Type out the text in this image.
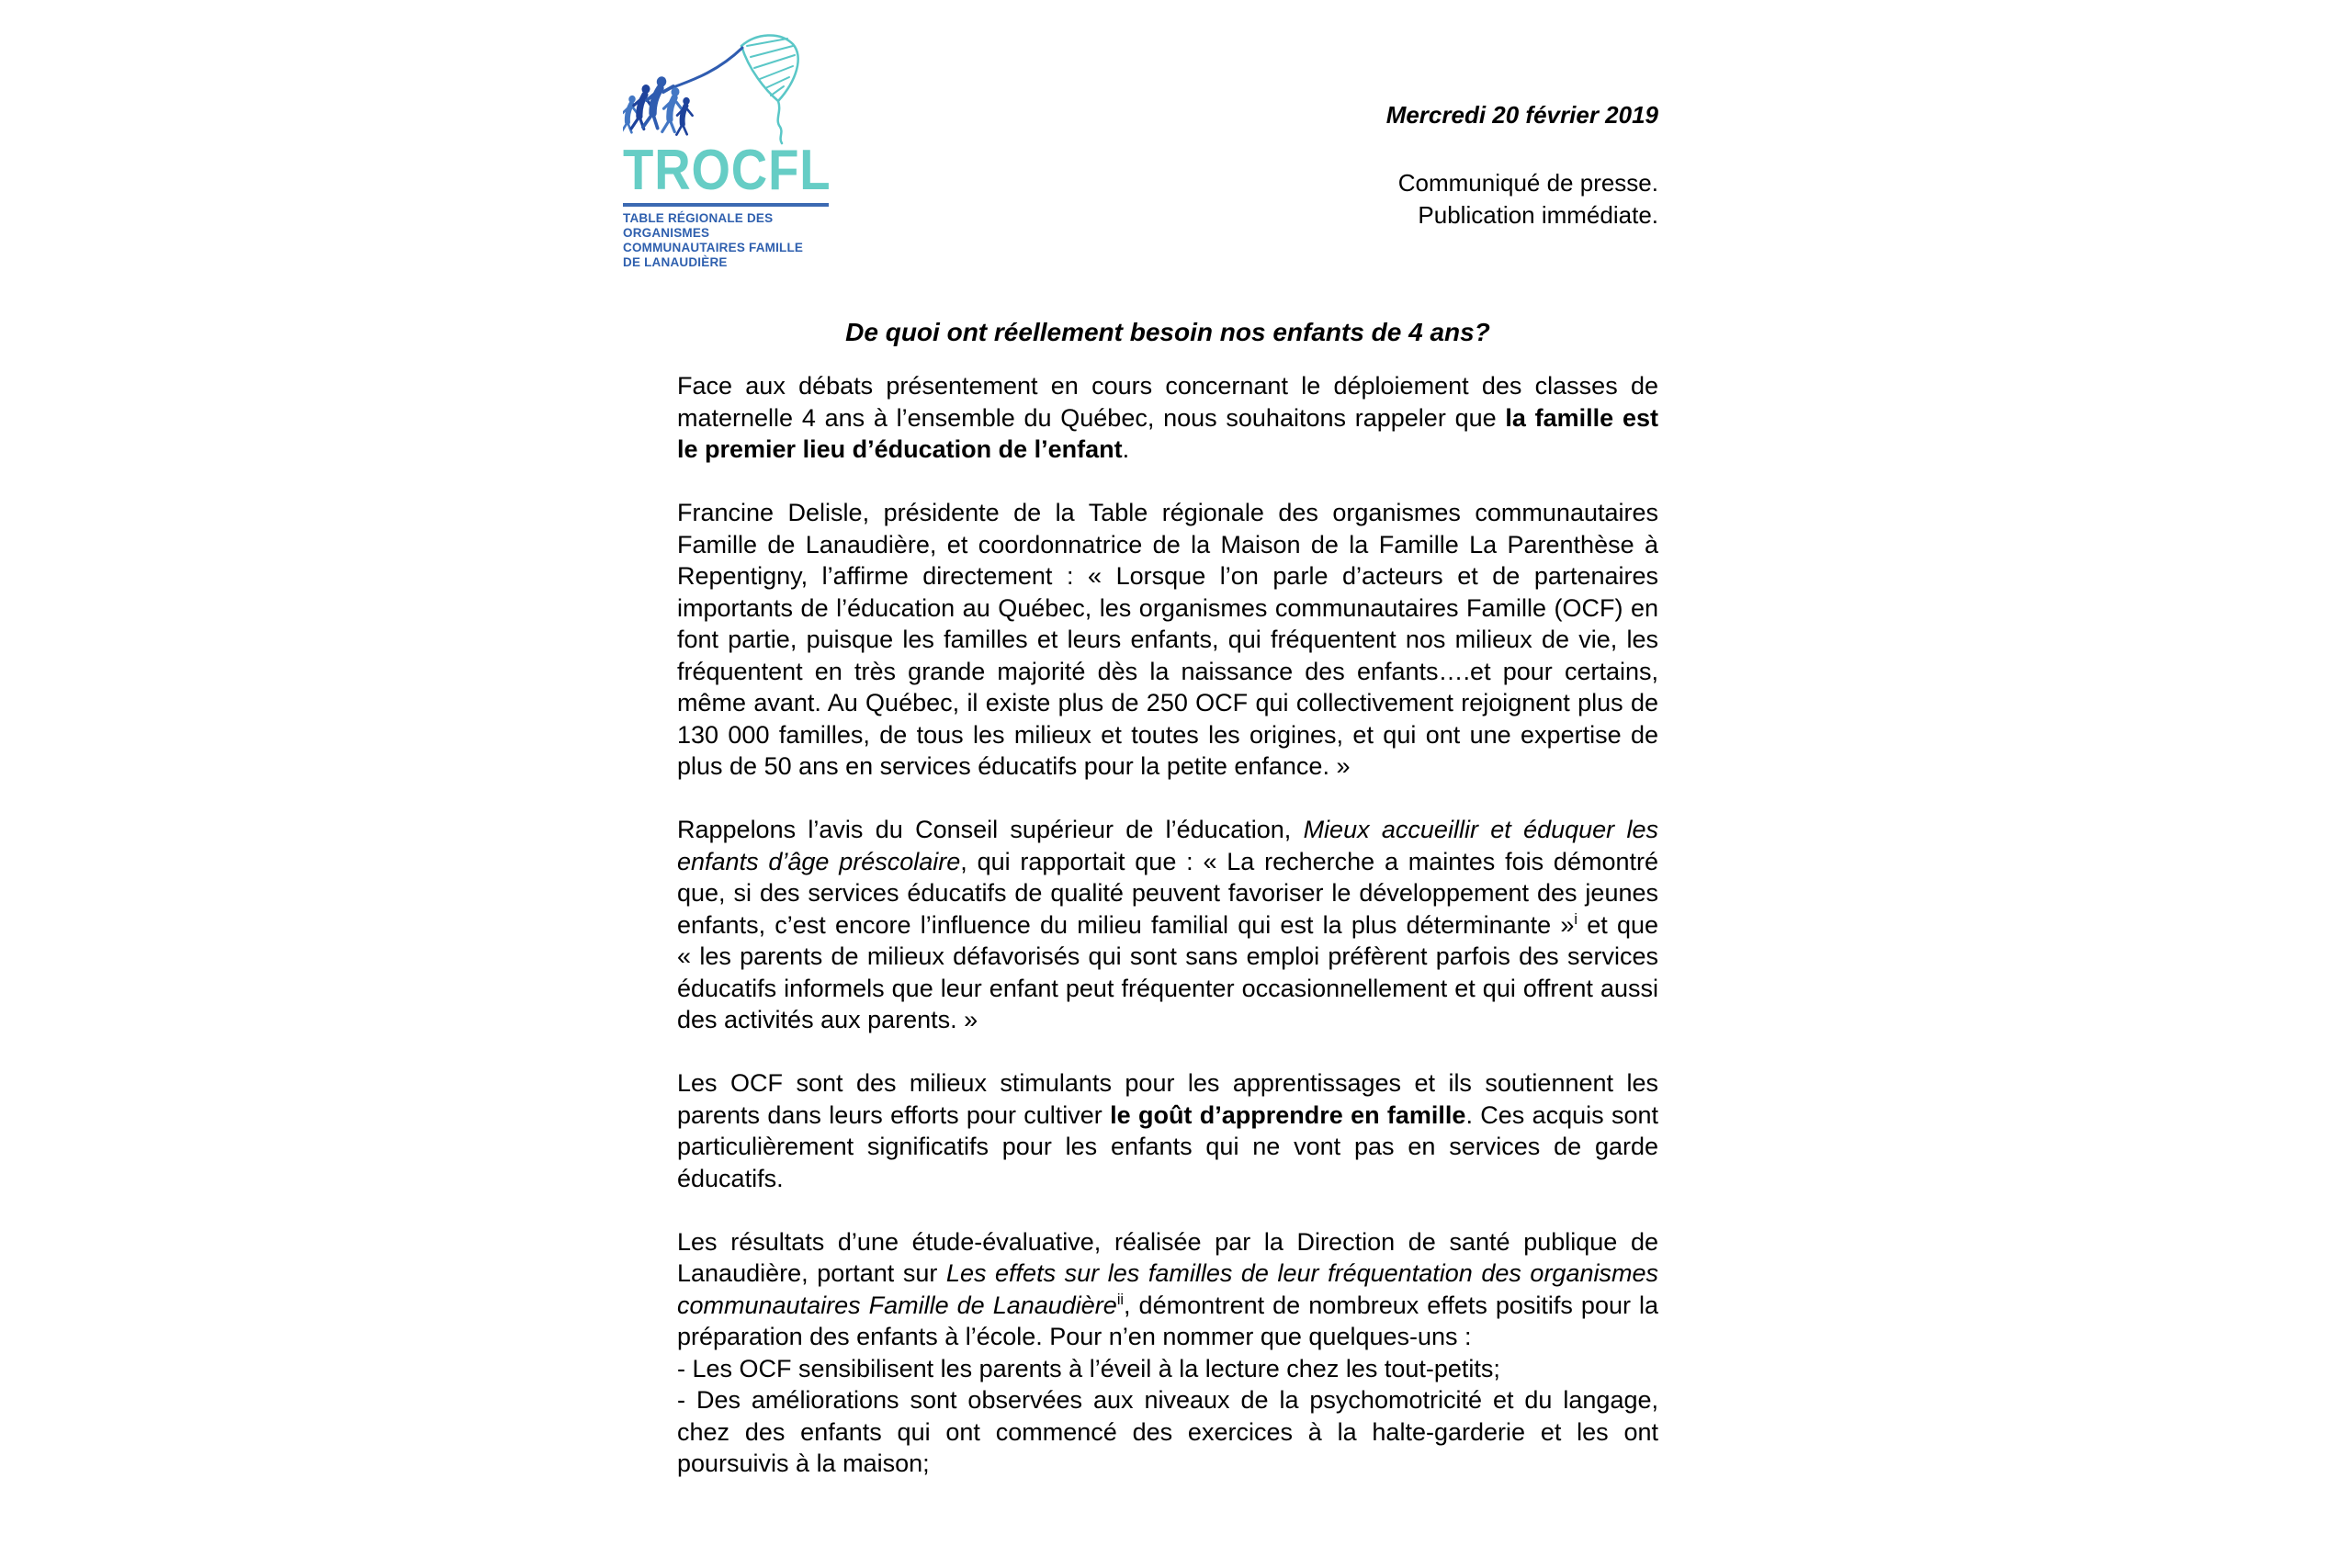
TROCFL
TABLE RÉGIONALE DES ORGANISMES
COMMUNAUTAIRES FAMILLE
DE LANAUDIÈRE
Mercredi 20 février 2019
Communiqué de presse.
Publication immédiate.
De quoi ont réellement besoin nos enfants de 4 ans?

Face aux débats présentement en cours concernant le déploiement des classes de maternelle 4 ans à l’ensemble du Québec, nous souhaitons rappeler que la famille est le premier lieu d’éducation de l’enfant.

Francine Delisle, présidente de la Table régionale des organismes communautaires Famille de Lanaudière, et coordonnatrice de la Maison de la Famille La Parenthèse à Repentigny, l’affirme directement : « Lorsque l’on parle d’acteurs et de partenaires importants de l’éducation au Québec, les organismes communautaires Famille (OCF) en font partie, puisque les familles et leurs enfants, qui fréquentent nos milieux de vie, les fréquentent en très grande majorité dès la naissance des enfants….et pour certains, même avant. Au Québec, il existe plus de 250 OCF qui collectivement rejoignent plus de 130 000 familles, de tous les milieux et toutes les origines, et qui ont une expertise de plus de 50 ans en services éducatifs pour la petite enfance. »

Rappelons l’avis du Conseil supérieur de l’éducation, Mieux accueillir et éduquer les enfants d’âge préscolaire, qui rapportait que : « La recherche a maintes fois démontré que, si des services éducatifs de qualité peuvent favoriser le développement des jeunes enfants, c’est encore l’influence du milieu familial qui est la plus déterminante »$^i$ et que « les parents de milieux défavorisés qui sont sans emploi préfèrent parfois des services éducatifs informels que leur enfant peut fréquenter occasionnellement et qui offrent aussi des activités aux parents. »

Les OCF sont des milieux stimulants pour les apprentissages et ils soutiennent les parents dans leurs efforts pour cultiver le goût d’apprendre en famille. Ces acquis sont particulièrement significatifs pour les enfants qui ne vont pas en services de garde éducatifs.

Les résultats d’une étude-évaluative, réalisée par la Direction de santé publique de Lanaudière, portant sur Les effets sur les familles de leur fréquentation des organismes communautaires Famille de Lanaudière$^{ii}$, démontrent de nombreux effets positifs pour la préparation des enfants à l’école. Pour n’en nommer que quelques-uns :

- Les OCF sensibilisent les parents à l’éveil à la lecture chez les tout-petits;

- Des améliorations sont observées aux niveaux de la psychomotricité et du langage, chez des enfants qui ont commencé des exercices à la halte-garderie et les ont poursuivis à la maison;
